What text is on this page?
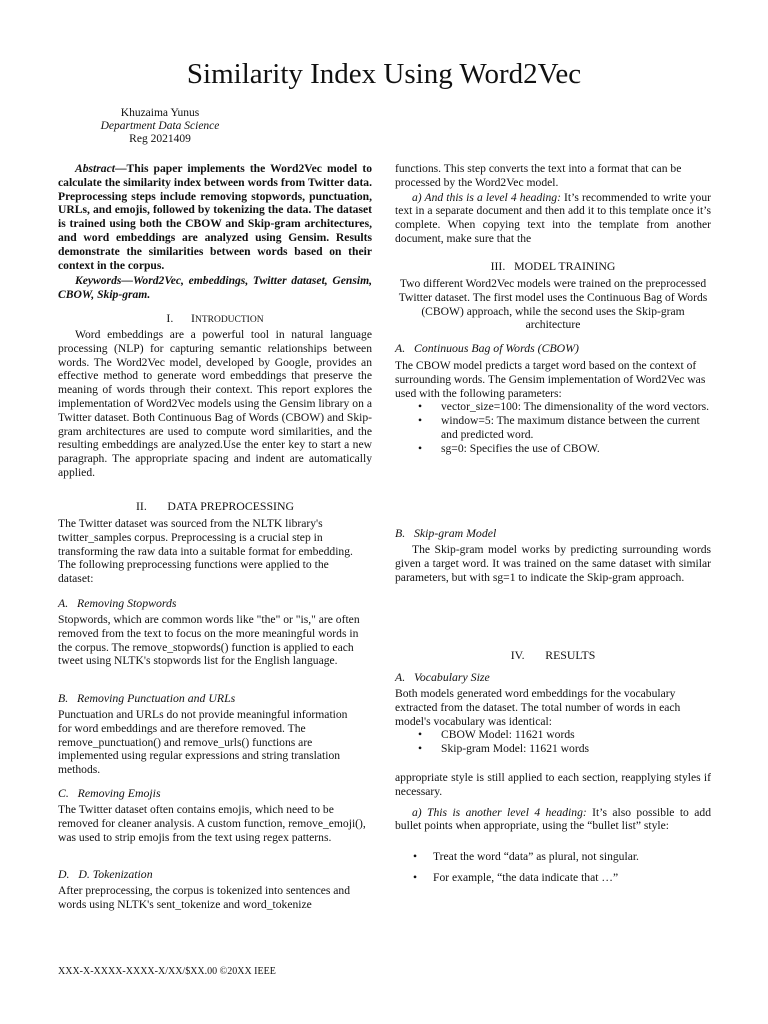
Similarity Index Using Word2Vec
Khuzaima Yunus
Department Data Science
Reg 2021409

Abstract—This paper implements the Word2Vec model to calculate the similarity index between words from Twitter data. Preprocessing steps include removing stopwords, punctuation, URLs, and emojis, followed by tokenizing the data. The dataset is trained using both the CBOW and Skip-gram architectures, and word embeddings are analyzed using Gensim. Results demonstrate the similarities between words based on their context in the corpus.

Keywords—Word2Vec, embeddings, Twitter dataset, Gensim, CBOW, Skip-gram.

I. INTRODUCTION

Word embeddings are a powerful tool in natural language processing (NLP) for capturing semantic relationships between words. The Word2Vec model, developed by Google, provides an effective method to generate word embeddings that preserve the meaning of words through their context. This report explores the implementation of Word2Vec models using the Gensim library on a Twitter dataset. Both Continuous Bag of Words (CBOW) and Skip-gram architectures are used to compute word similarities, and the resulting embeddings are analyzed.Use the enter key to start a new paragraph. The appropriate spacing and indent are automatically applied.

II.       DATA PREPROCESSING

The Twitter dataset was sourced from the NLTK library's twitter_samples corpus. Preprocessing is a crucial step in transforming the raw data into a suitable format for embedding. The following preprocessing functions were applied to the dataset:

A.   Removing Stopwords

Stopwords, which are common words like "the" or "is," are often removed from the text to focus on the more meaningful words in the corpus. The remove_stopwords() function is applied to each tweet using NLTK's stopwords list for the English language.

B.   Removing Punctuation and URLs

Punctuation and URLs do not provide meaningful information for word embeddings and are therefore removed. The remove_punctuation() and remove_urls() functions are implemented using regular expressions and string translation methods.

C.   Removing Emojis

The Twitter dataset often contains emojis, which need to be removed for cleaner analysis. A custom function, remove_emoji(), was used to strip emojis from the text using regex patterns.

D.   D. Tokenization

After preprocessing, the corpus is tokenized into sentences and words using NLTK's sent_tokenize and word_tokenize

functions. This step converts the text into a format that can be processed by the Word2Vec model.

a) And this is a level 4 heading: It’s recommended to write your text in a separate document and then add it to this template once it’s complete. When copying text into the template from another document, make sure that the

III.   MODEL TRAINING

Two different Word2Vec models were trained on the preprocessed Twitter dataset. The first model uses the Continuous Bag of Words (CBOW) approach, while the second uses the Skip-gram architecture

A.   Continuous Bag of Words (CBOW)

The CBOW model predicts a target word based on the context of surrounding words. The Gensim implementation of Word2Vec was used with the following parameters:

• vector_size=100: The dimensionality of the word vectors.
• window=5: The maximum distance between the current and predicted word.
• sg=0: Specifies the use of CBOW.
B.   Skip-gram Model

The Skip-gram model works by predicting surrounding words given a target word. It was trained on the same dataset with similar parameters, but with sg=1 to indicate the Skip-gram approach.

IV.       RESULTS
A.   Vocabulary Size

Both models generated word embeddings for the vocabulary extracted from the dataset. The total number of words in each model's vocabulary was identical:

• CBOW Model: 11621 words
• Skip-gram Model: 11621 words

appropriate style is still applied to each section, reapplying styles if necessary.

a) This is another level 4 heading: It’s also possible to add bullet points when appropriate, using the “bullet list” style:

• Treat the word “data” as plural, not singular.
• For example, “the data indicate that …”
XXX-X-XXXX-XXXX-X/XX/$XX.00 ©20XX IEEE
